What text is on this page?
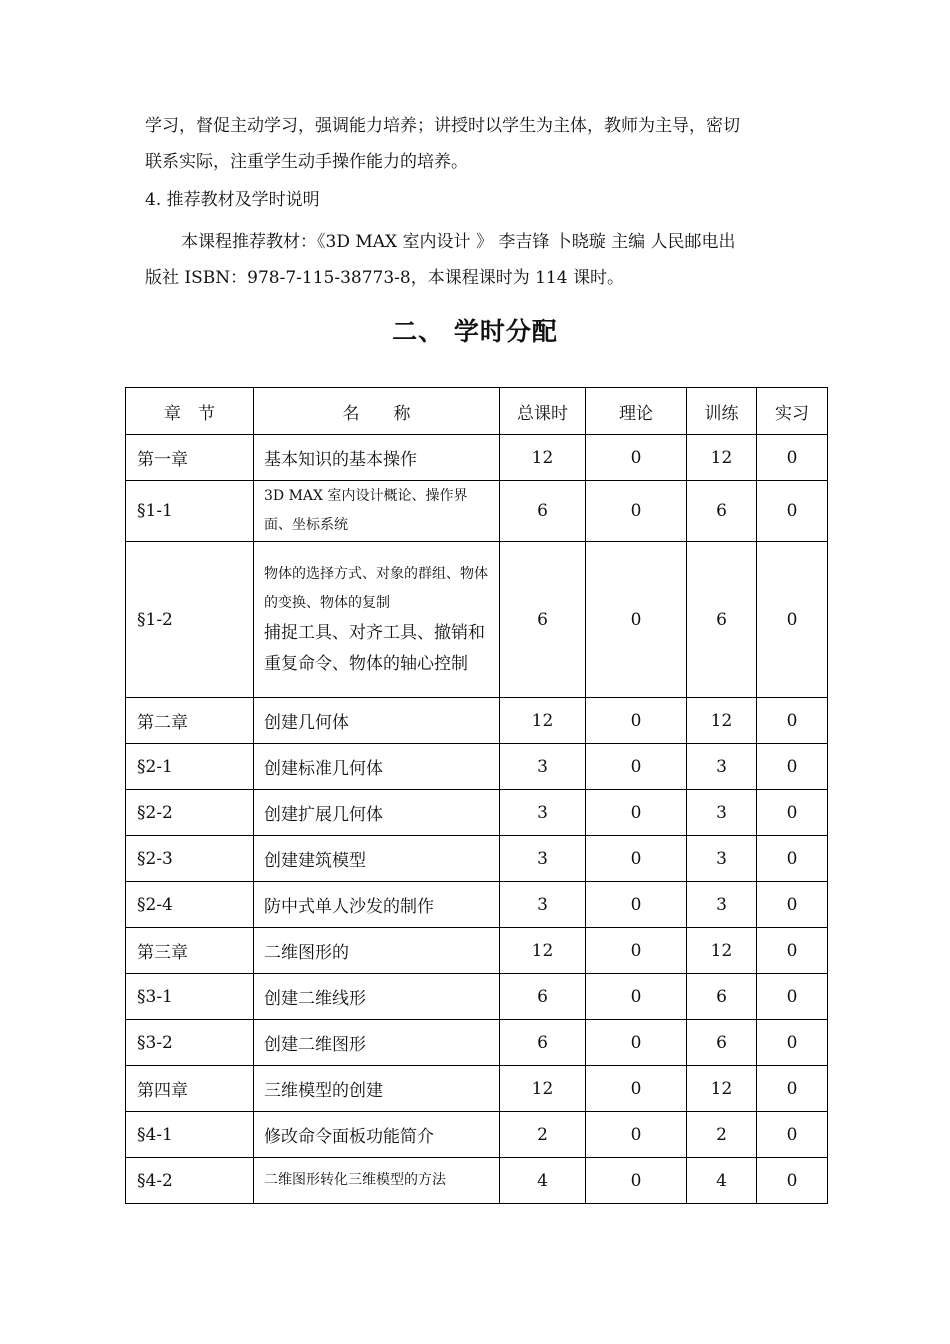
学习，督促主动学习，强调能力培养；讲授时以学生为主体，教师为主导，密切
联系实际，注重学生动手操作能力的培养。

4. 推荐教材及学时说明

本课程推荐教材：《3D MAX 室内设计 》 李吉锋 卜晓璇 主编 人民邮电出
版社 ISBN：978-7-115-38773-8，本课程课时为 114 课时。

二、 学时分配
章　节	名　　称	总课时	理论	训练	实习
第一章	基本知识的基本操作	12	0	12	0
§1-1	3D MAX 室内设计概论、操作界面、坐标系统	6	0	6	0
§1-2	物体的选择方式、对象的群组、物体的变换、物体的复制
捕捉工具、对齐工具、撤销和重复命令、物体的轴心控制	6	0	6	0
第二章	创建几何体	12	0	12	0
§2-1	创建标准几何体	3	0	3	0
§2-2	创建扩展几何体	3	0	3	0
§2-3	创建建筑模型	3	0	3	0
§2-4	防中式单人沙发的制作	3	0	3	0
第三章	二维图形的	12	0	12	0
§3-1	创建二维线形	6	0	6	0
§3-2	创建二维图形	6	0	6	0
第四章	三维模型的创建	12	0	12	0
§4-1	修改命令面板功能简介	2	0	2	0
§4-2	二维图形转化三维模型的方法	4	0	4	0
